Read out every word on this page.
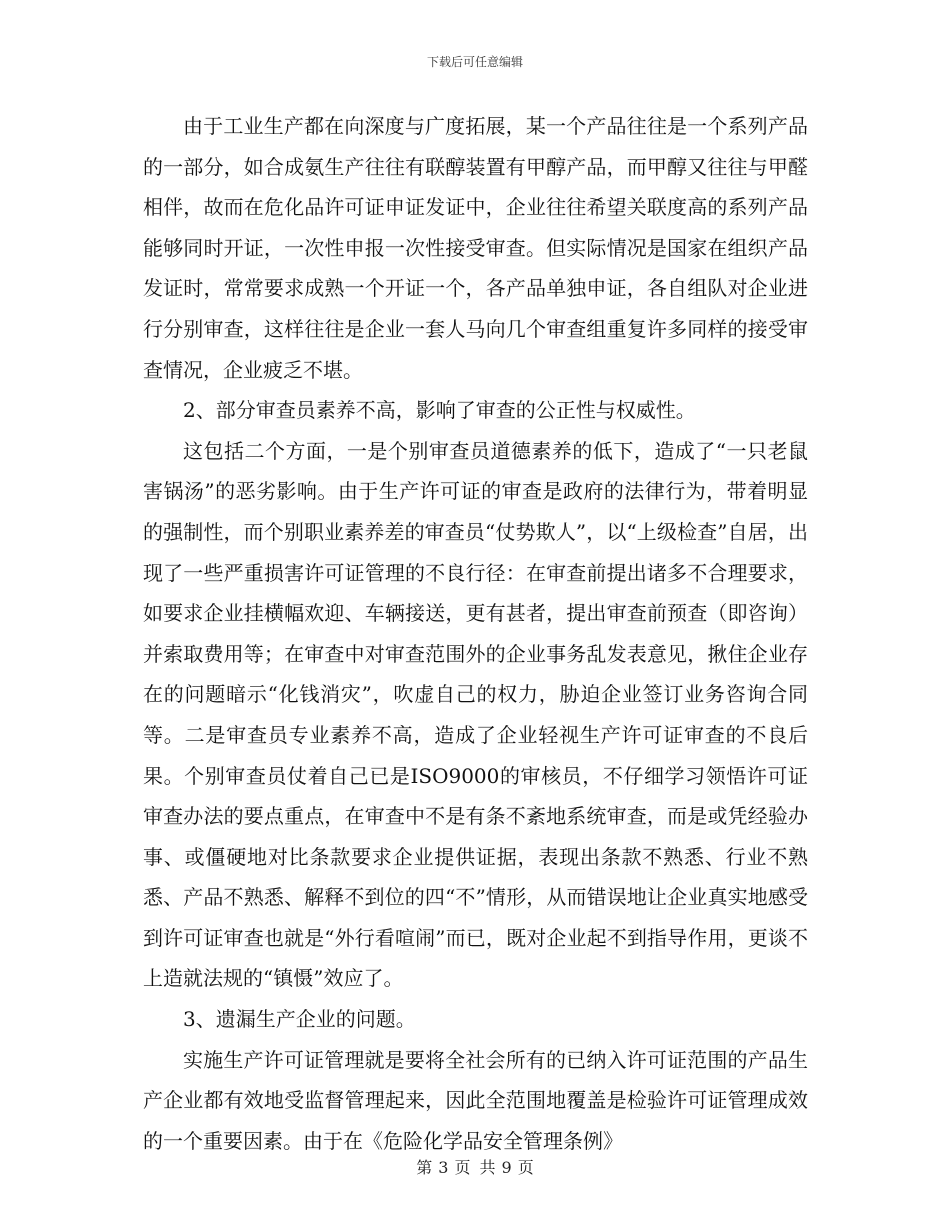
下载后可任意编辑

由于工业生产都在向深度与广度拓展，某一个产品往往是一个系列产品的一部分，如合成氨生产往往有联醇装置有甲醇产品，而甲醇又往往与甲醛相伴，故而在危化品许可证申证发证中，企业往往希望关联度高的系列产品能够同时开证，一次性申报一次性接受审查。但实际情况是国家在组织产品发证时，常常要求成熟一个开证一个，各产品单独申证，各自组队对企业进行分别审查，这样往往是企业一套人马向几个审查组重复许多同样的接受审查情况，企业疲乏不堪。

2、部分审查员素养不高，影响了审查的公正性与权威性。

这包括二个方面，一是个别审查员道德素养的低下，造成了“一只老鼠害锅汤”的恶劣影响。由于生产许可证的审查是政府的法律行为，带着明显的强制性，而个别职业素养差的审查员“仗势欺人”，以“上级检查”自居，出现了一些严重损害许可证管理的不良行径：在审查前提出诸多不合理要求，如要求企业挂横幅欢迎、车辆接送，更有甚者，提出审查前预查（即咨询）并索取费用等；在审查中对审查范围外的企业事务乱发表意见，揪住企业存在的问题暗示“化钱消灾”，吹虚自己的权力，胁迫企业签订业务咨询合同等。二是审查员专业素养不高，造成了企业轻视生产许可证审查的不良后果。个别审查员仗着自己已是ISO9000的审核员，不仔细学习领悟许可证审查办法的要点重点，在审查中不是有条不紊地系统审查，而是或凭经验办事、或僵硬地对比条款要求企业提供证据，表现出条款不熟悉、行业不熟悉、产品不熟悉、解释不到位的四“不”情形，从而错误地让企业真实地感受到许可证审查也就是“外行看喧闹”而已，既对企业起不到指导作用，更谈不上造就法规的“镇慑”效应了。

3、遗漏生产企业的问题。

实施生产许可证管理就是要将全社会所有的已纳入许可证范围的产品生产企业都有效地受监督管理起来，因此全范围地覆盖是检验许可证管理成效的一个重要因素。由于在《危险化学品安全管理条例》

第 3 页 共 9 页
